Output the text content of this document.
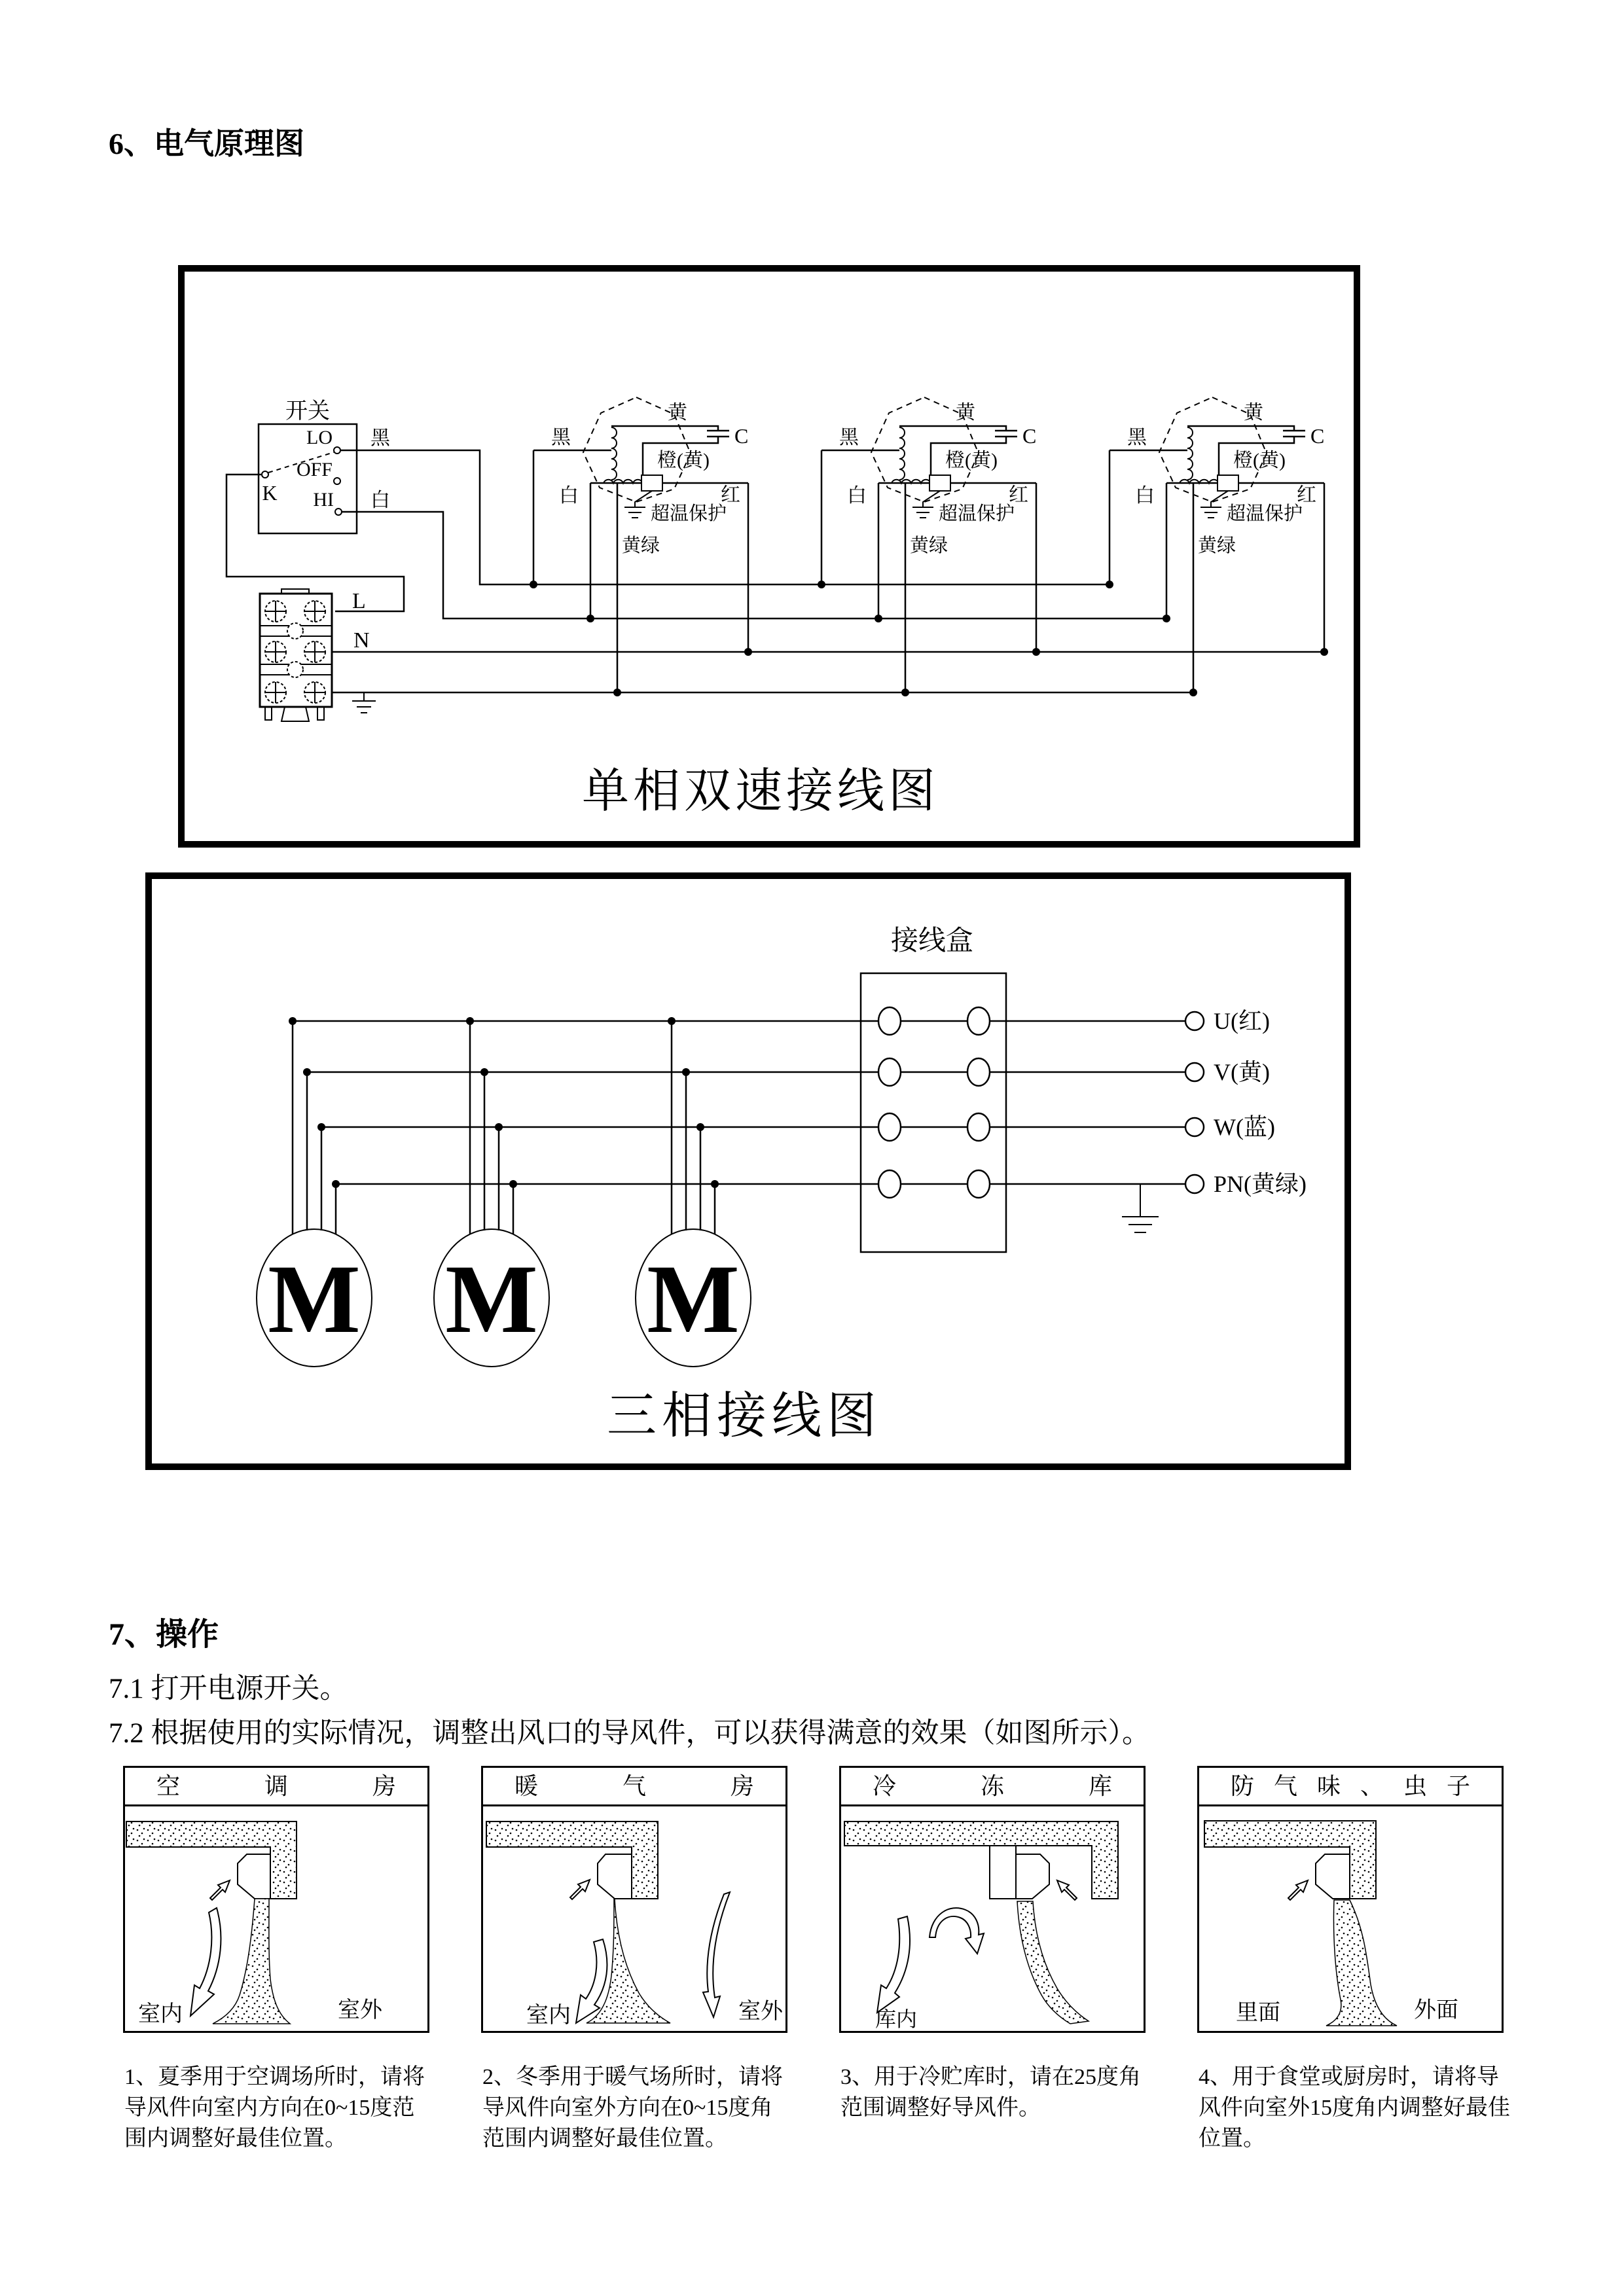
6、电气原理图
开关
LO
OFF
HI
K
黑
白
L
N
黑
黄
C
橙(黄)
白	红
超温保护
黄绿
黑
黄
C
橙(黄)
白	红
超温保护
黄绿
黑
黄
C
橙(黄)
白	红
超温保护
黄绿
单相双速接线图
接线盒
U(红)
V(黄)
W(蓝)
PN(黄绿)
M M M
三相接线图
7、操作
7.1 打开电源开关。
7.2 根据使用的实际情况，调整出风口的导风件，可以获得满意的效果（如图所示）。
空调房
室内	室外
暖气房
室内	室外
冷冻库
库内
防气味、虫子
里面	外面
1、夏季用于空调场所时，请将导风件向室内方向在0~15度范围内调整好最佳位置。
2、冬季用于暖气场所时，请将导风件向室外方向在0~15度角范围内调整好最佳位置。
3、用于冷贮库时，请在25度角范围调整好导风件。
4、用于食堂或厨房时，请将导风件向室外15度角内调整好最佳位置。
